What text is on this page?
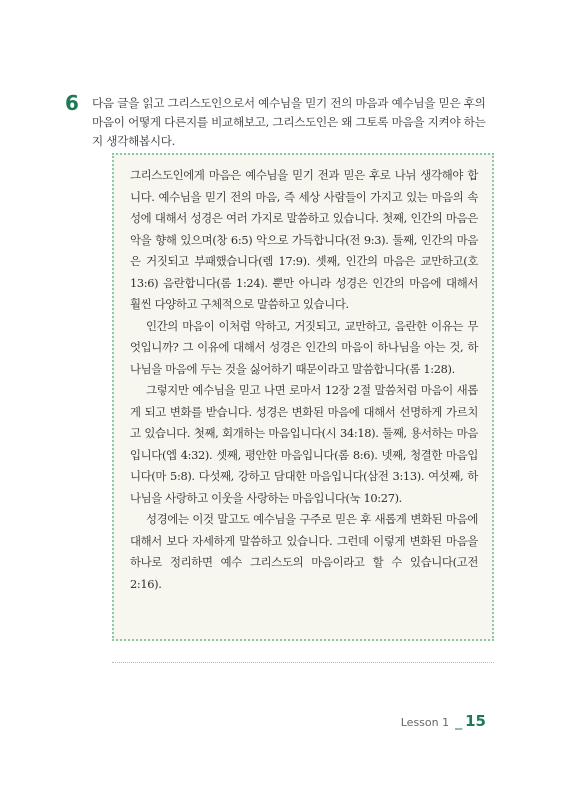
6 다음 글을 읽고 그리스도인으로서 예수님을 믿기 전의 마음과 예수님을 믿은 후의 마음이 어떻게 다른지를 비교해보고, 그리스도인은 왜 그토록 마음을 지켜야 하는지 생각해봅시다.

그리스도인에게 마음은 예수님을 믿기 전과 믿은 후로 나뉘 생각해야 합니다. 예수님을 믿기 전의 마음, 즉 세상 사람들이 가지고 있는 마음의 속성에 대해서 성경은 여러 가지로 말씀하고 있습니다. 첫째, 인간의 마음은 악을 향해 있으며(창 6:5) 악으로 가득합니다(전 9:3). 둘째, 인간의 마음은 거짓되고 부패했습니다(렘 17:9). 셋째, 인간의 마음은 교만하고(호 13:6) 음란합니다(롬 1:24). 뿐만 아니라 성경은 인간의 마음에 대해서 훨씬 다양하고 구체적으로 말씀하고 있습니다.

인간의 마음이 이처럼 악하고, 거짓되고, 교만하고, 음란한 이유는 무엇입니까? 그 이유에 대해서 성경은 인간의 마음이 하나님을 아는 것, 하나님을 마음에 두는 것을 싫어하기 때문이라고 말씀합니다(롬 1:28).

그렇지만 예수님을 믿고 나면 로마서 12장 2절 말씀처럼 마음이 새롭게 되고 변화를 받습니다. 성경은 변화된 마음에 대해서 선명하게 가르치고 있습니다. 첫째, 회개하는 마음입니다(시 34:18). 둘째, 용서하는 마음입니다(엡 4:32). 셋째, 평안한 마음입니다(롬 8:6). 넷째, 청결한 마음입니다(마 5:8). 다섯째, 강하고 담대한 마음입니다(삼전 3:13). 여섯째, 하나님을 사랑하고 이웃을 사랑하는 마음입니다(눅 10:27).

성경에는 이것 말고도 예수님을 구주로 믿은 후 새롭게 변화된 마음에 대해서 보다 자세하게 말씀하고 있습니다. 그런데 이렇게 변화된 마음을 하나로 정리하면 예수 그리스도의 마음이라고 할 수 있습니다(고전 2:16).

Lesson 1 _ 15
